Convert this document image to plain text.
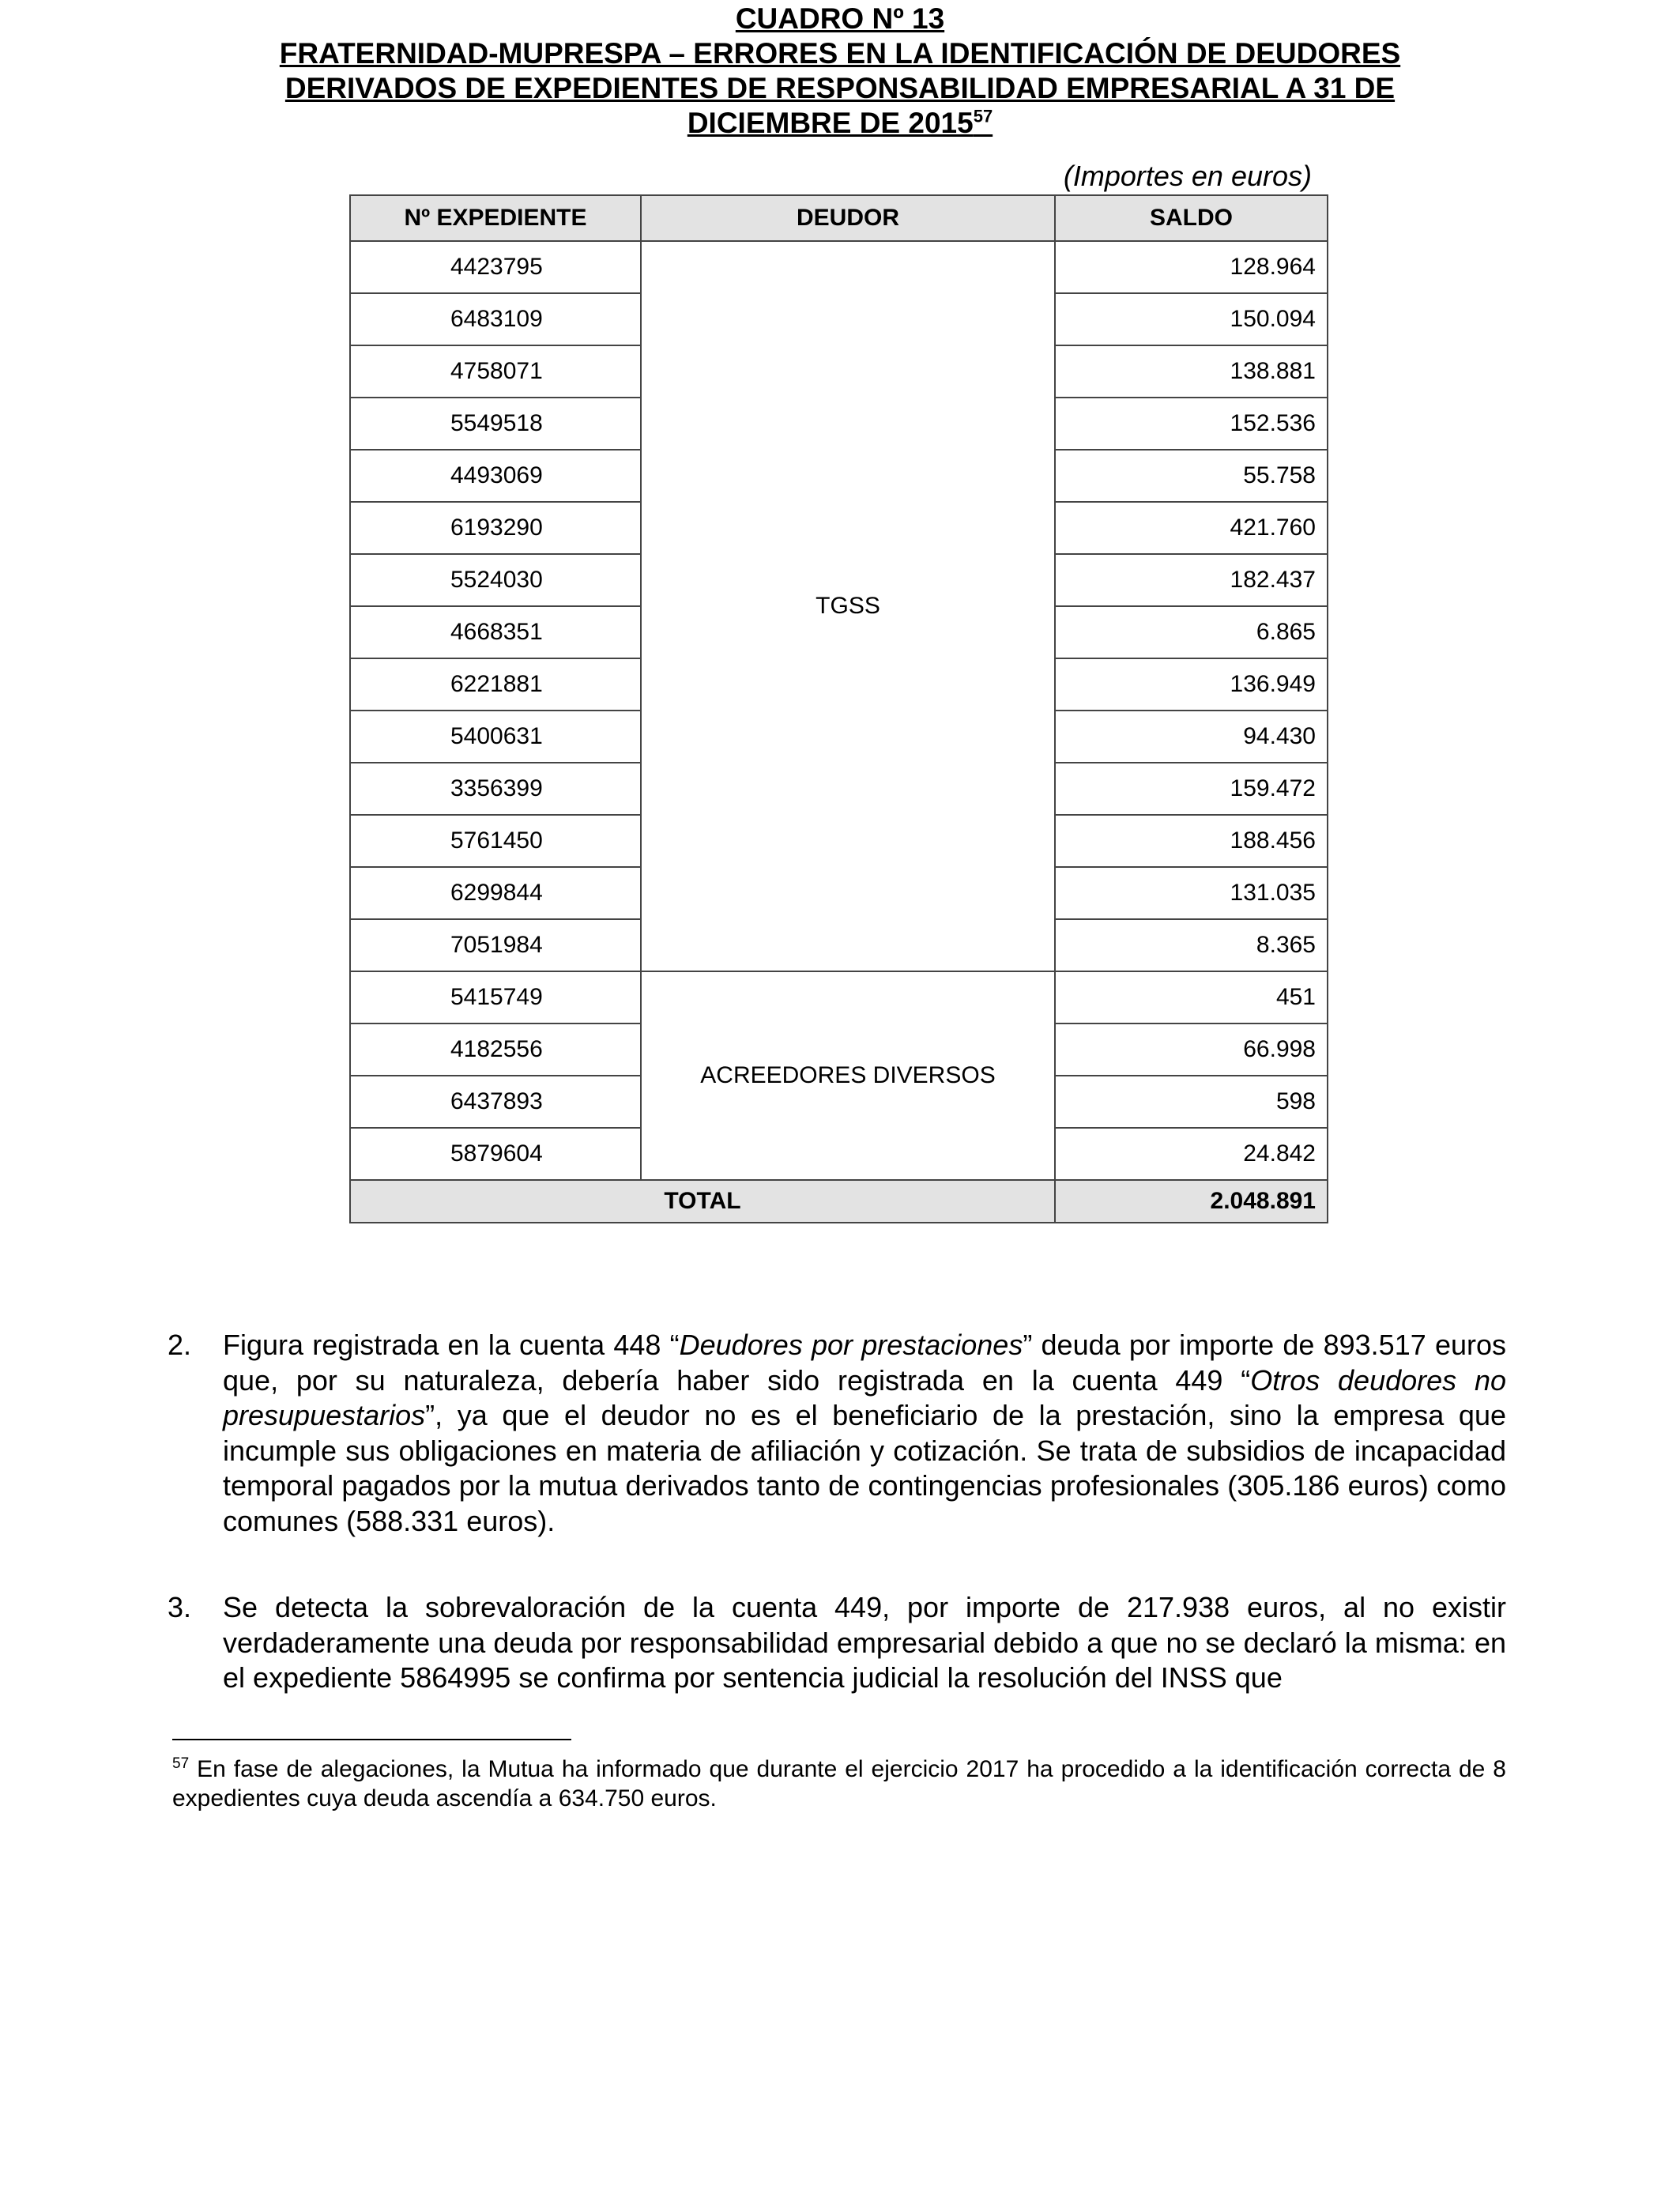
CUADRO Nº 13
FRATERNIDAD-MUPRESPA – ERRORES EN LA IDENTIFICACIÓN DE DEUDORES
DERIVADOS DE EXPEDIENTES DE RESPONSABILIDAD EMPRESARIAL A 31 DE
DICIEMBRE DE 2015$^{57}$
(Importes en euros)
Nº EXPEDIENTE	DEUDOR	SALDO
4423795	TGSS	128.964
6483109		150.094
4758071		138.881
5549518		152.536
4493069		55.758
6193290		421.760
5524030		182.437
4668351		6.865
6221881		136.949
5400631		94.430
3356399		159.472
5761450		188.456
6299844		131.035
7051984		8.365
5415749	ACREEDORES DIVERSOS	451
4182556		66.998
6437893		598
5879604		24.842
TOTAL		2.048.891
2. Figura registrada en la cuenta 448 “Deudores por prestaciones” deuda por importe de 893.517 euros que, por su naturaleza, debería haber sido registrada en la cuenta 449 “Otros deudores no presupuestarios”, ya que el deudor no es el beneficiario de la prestación, sino la empresa que incumple sus obligaciones en materia de afiliación y cotización. Se trata de subsidios de incapacidad temporal pagados por la mutua derivados tanto de contingencias profesionales (305.186 euros) como comunes (588.331 euros).
3. Se detecta la sobrevaloración de la cuenta 449, por importe de 217.938 euros, al no existir verdaderamente una deuda por responsabilidad empresarial debido a que no se declaró la misma: en el expediente 5864995 se confirma por sentencia judicial la resolución del INSS que
$^{57}$ En fase de alegaciones, la Mutua ha informado que durante el ejercicio 2017 ha procedido a la identificación correcta de 8 expedientes cuya deuda ascendía a 634.750 euros.
